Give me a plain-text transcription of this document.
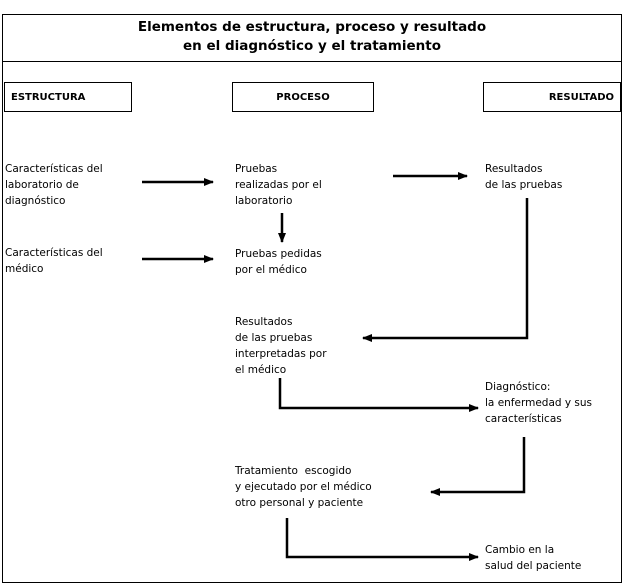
Elementos de estructura, proceso y resultado
en el diagnóstico y el tratamiento
ESTRUCTURA	PROCESO	RESULTADO
Características del
laboratorio de
diagnóstico
Características del
médico
Pruebas
realizadas por el
laboratorio
Pruebas pedidas
por el médico
Resultados
de las pruebas
interpretadas por
el médico
Tratamiento  escogido
y ejecutado por el médico
otro personal y paciente
Resultados
de las pruebas
Diagnóstico:
la enfermedad y sus
características
Cambio en la
salud del paciente
